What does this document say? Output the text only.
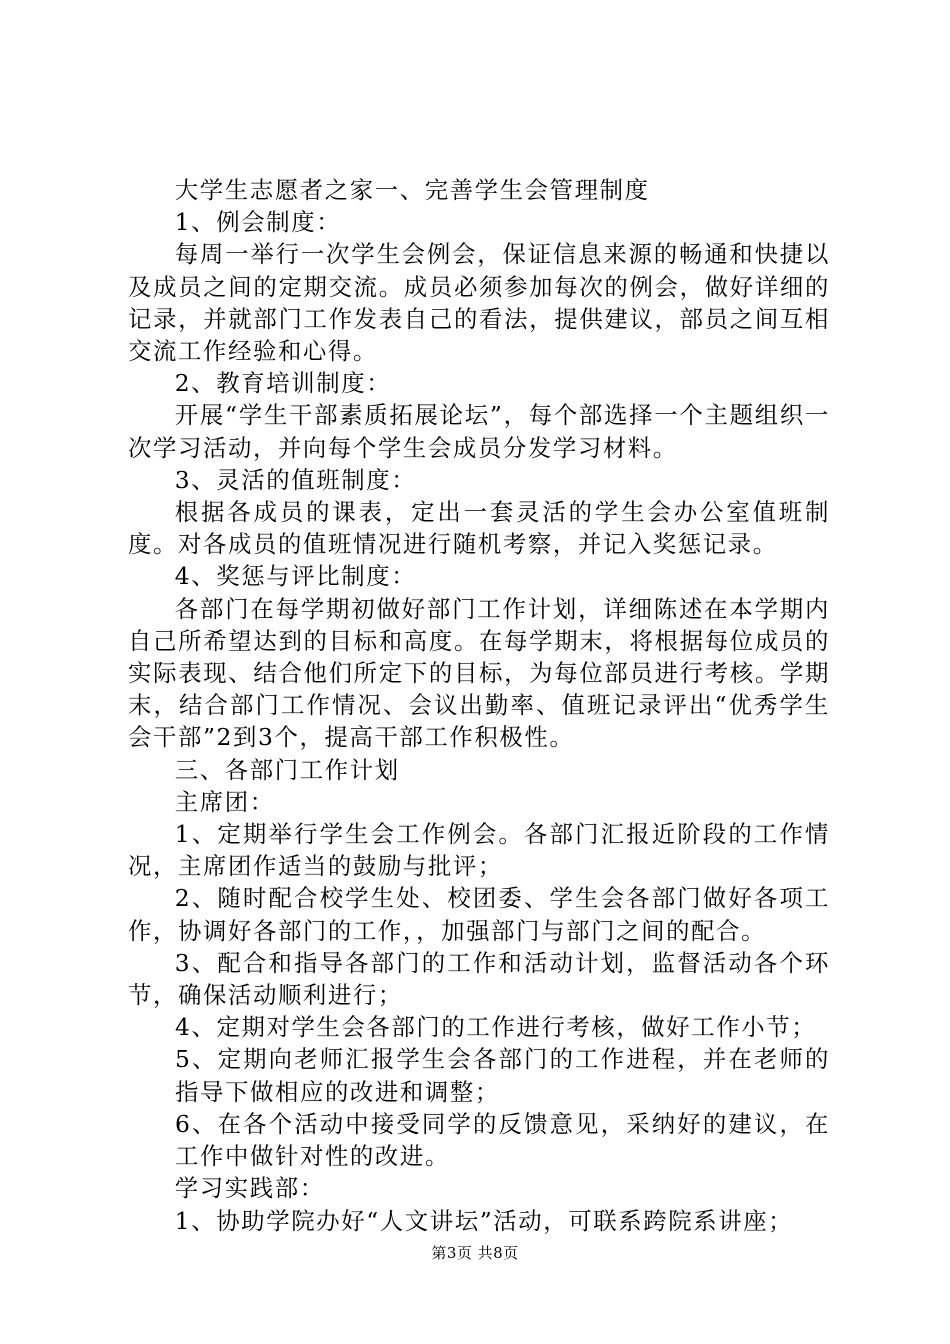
大学生志愿者之家一、完善学生会管理制度

1、例会制度：

每周一举行一次学生会例会，保证信息来源的畅通和快捷以及成员之间的定期交流。成员必须参加每次的例会，做好详细的记录，并就部门工作发表自己的看法，提供建议，部员之间互相交流工作经验和心得。

2、教育培训制度：

开展“学生干部素质拓展论坛”，每个部选择一个主题组织一次学习活动，并向每个学生会成员分发学习材料。

3、灵活的值班制度：

根据各成员的课表，定出一套灵活的学生会办公室值班制度。对各成员的值班情况进行随机考察，并记入奖惩记录。

4、奖惩与评比制度：

各部门在每学期初做好部门工作计划，详细陈述在本学期内自己所希望达到的目标和高度。在每学期末，将根据每位成员的实际表现、结合他们所定下的目标，为每位部员进行考核。学期末，结合部门工作情况、会议出勤率、值班记录评出“优秀学生会干部”2到3个，提高干部工作积极性。

三、各部门工作计划

主席团：

1、定期举行学生会工作例会。各部门汇报近阶段的工作情况，主席团作适当的鼓励与批评；

2、随时配合校学生处、校团委、学生会各部门做好各项工作，协调好各部门的工作，，加强部门与部门之间的配合。

3、配合和指导各部门的工作和活动计划，监督活动各个环节，确保活动顺利进行；

4、定期对学生会各部门的工作进行考核，做好工作小节；

5、定期向老师汇报学生会各部门的工作进程，并在老师的指导下做相应的改进和调整；

6、在各个活动中接受同学的反馈意见，采纳好的建议，在工作中做针对性的改进。

学习实践部：

1、协助学院办好“人文讲坛”活动，可联系跨院系讲座；

第3页 共8页
